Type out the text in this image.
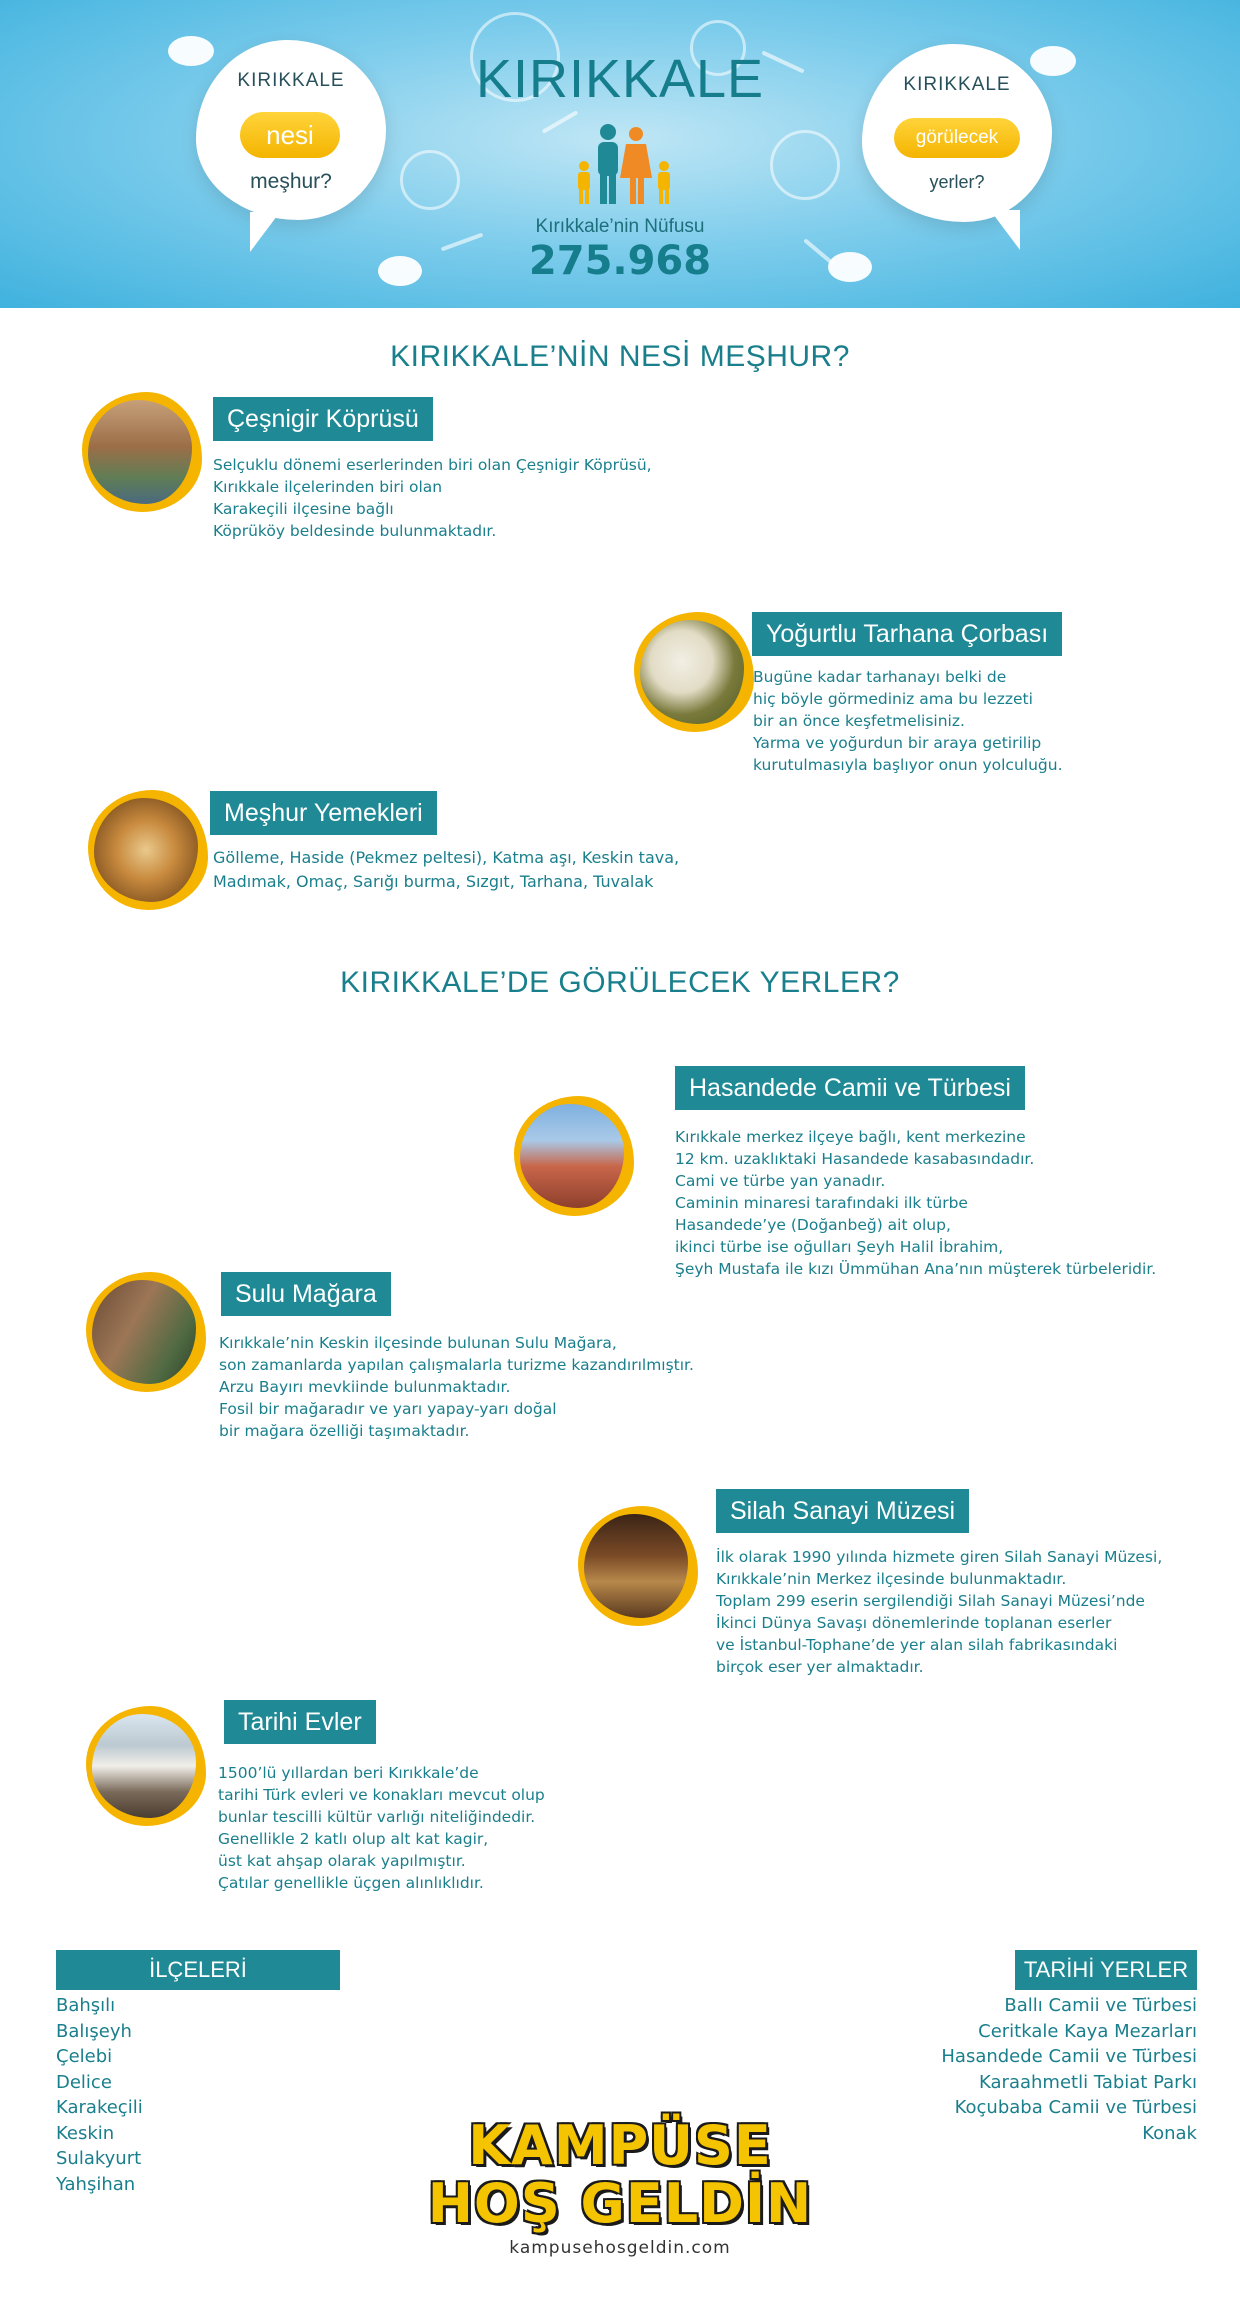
KIRIKKALE
nesi
meşhur?
KIRIKKALE
görülecek
yerler?
KIRIKKALE
Kırıkkale’nin Nüfusu
275.968
KIRIKKALE’NİN NESİ MEŞHUR?
Çeşnigir Köprüsü
Selçuklu dönemi eserlerinden biri olan Çeşnigir Köprüsü,
Kırıkkale ilçelerinden biri olan
Karakeçili ilçesine bağlı
Köprüköy beldesinde bulunmaktadır.
Yoğurtlu Tarhana Çorbası
Bugüne kadar tarhanayı belki de
hiç böyle görmediniz ama bu lezzeti
bir an önce keşfetmelisiniz.
Yarma ve yoğurdun bir araya getirilip
kurutulmasıyla başlıyor onun yolculuğu.
Meşhur Yemekleri
Gölleme, Haside (Pekmez peltesi), Katma aşı, Keskin tava,
Madımak, Omaç, Sarığı burma, Sızgıt, Tarhana, Tuvalak
KIRIKKALE’DE GÖRÜLECEK YERLER?
Hasandede Camii ve Türbesi
Kırıkkale merkez ilçeye bağlı, kent merkezine
12 km. uzaklıktaki Hasandede kasabasındadır.
Cami ve türbe yan yanadır.
Caminin minaresi tarafındaki ilk türbe
Hasandede’ye (Doğanbeğ) ait olup,
ikinci türbe ise oğulları Şeyh Halil İbrahim,
Şeyh Mustafa ile kızı Ümmühan Ana’nın müşterek türbeleridir.
Sulu Mağara
Kırıkkale’nin Keskin ilçesinde bulunan Sulu Mağara,
son zamanlarda yapılan çalışmalarla turizme kazandırılmıştır.
Arzu Bayırı mevkiinde bulunmaktadır.
Fosil bir mağaradır ve yarı yapay-yarı doğal
bir mağara özelliği taşımaktadır.
Silah Sanayi Müzesi
İlk olarak 1990 yılında hizmete giren Silah Sanayi Müzesi,
Kırıkkale’nin Merkez ilçesinde bulunmaktadır.
Toplam 299 eserin sergilendiği Silah Sanayi Müzesi’nde
İkinci Dünya Savaşı dönemlerinde toplanan eserler
ve İstanbul-Tophane’de yer alan silah fabrikasındaki
birçok eser yer almaktadır.
Tarihi Evler
1500’lü yıllardan beri Kırıkkale’de
tarihi Türk evleri ve konakları mevcut olup
bunlar tescilli kültür varlığı niteliğindedir.
Genellikle 2 katlı olup alt kat kagir,
üst kat ahşap olarak yapılmıştır.
Çatılar genellikle üçgen alınlıklıdır.
İLÇELERİ
Bahşılı
Balışeyh
Çelebi
Delice
Karakeçili
Keskin
Sulakyurt
Yahşihan
TARİHİ YERLER
Ballı Camii ve Türbesi
Ceritkale Kaya Mezarları
Hasandede Camii ve Türbesi
Karaahmetli Tabiat Parkı
Koçubaba Camii ve Türbesi
Konak
KAMPÜSE
HOŞ GELDİN
kampusehosgeldin.com
